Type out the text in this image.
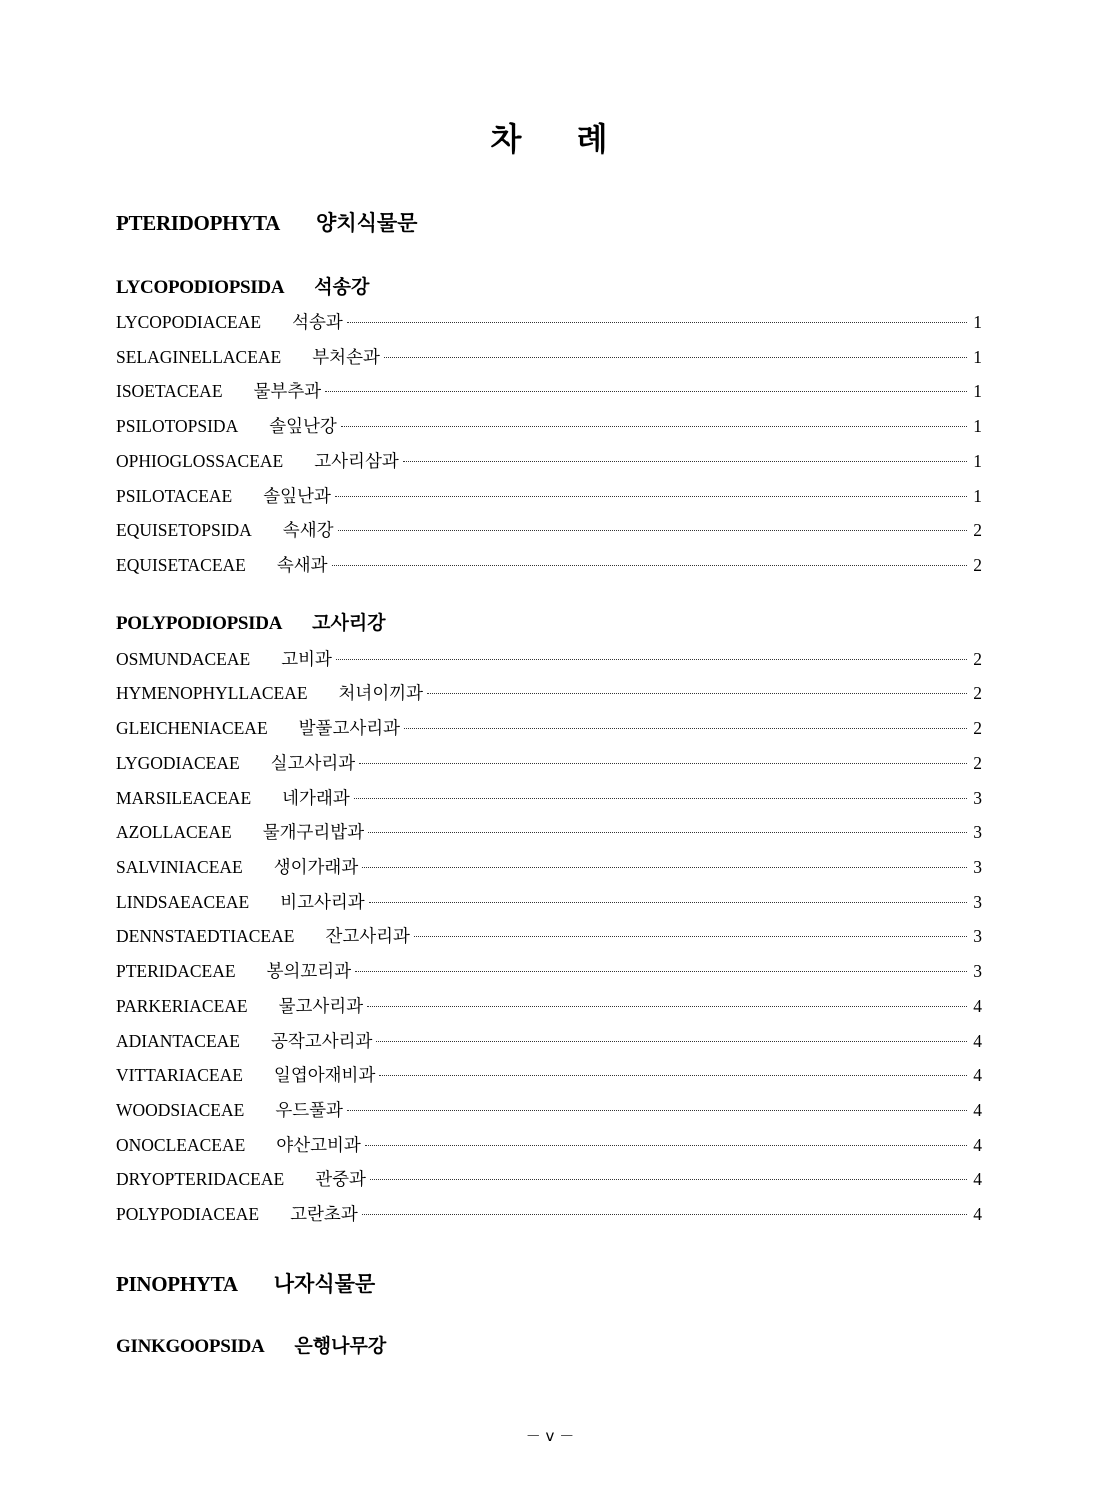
차 례
PTERIDOPHYTA 양치식물문
LYCOPODIOPSIDA 석송강
LYCOPODIACEAE 석송과	1
SELAGINELLACEAE 부처손과	1
ISOETACEAE 물부추과	1
PSILOTOPSIDA 솔잎난강	1
OPHIOGLOSSACEAE 고사리삼과	1
PSILOTACEAE 솔잎난과	1
EQUISETOPSIDA 속새강	2
EQUISETACEAE 속새과	2
POLYPODIOPSIDA 고사리강
OSMUNDACEAE 고비과	2
HYMENOPHYLLACEAE 처녀이끼과	2
GLEICHENIACEAE 발풀고사리과	2
LYGODIACEAE 실고사리과	2
MARSILEACEAE 네가래과	3
AZOLLACEAE 물개구리밥과	3
SALVINIACEAE 생이가래과	3
LINDSAEACEAE 비고사리과	3
DENNSTAEDTIACEAE 잔고사리과	3
PTERIDACEAE 봉의꼬리과	3
PARKERIACEAE 물고사리과	4
ADIANTACEAE 공작고사리과	4
VITTARIACEAE 일엽아재비과	4
WOODSIACEAE 우드풀과	4
ONOCLEACEAE 야산고비과	4
DRYOPTERIDACEAE 관중과	4
POLYPODIACEAE 고란초과	4
PINOPHYTA 나자식물문
GINKGOOPSIDA 은행나무강
－ v －
